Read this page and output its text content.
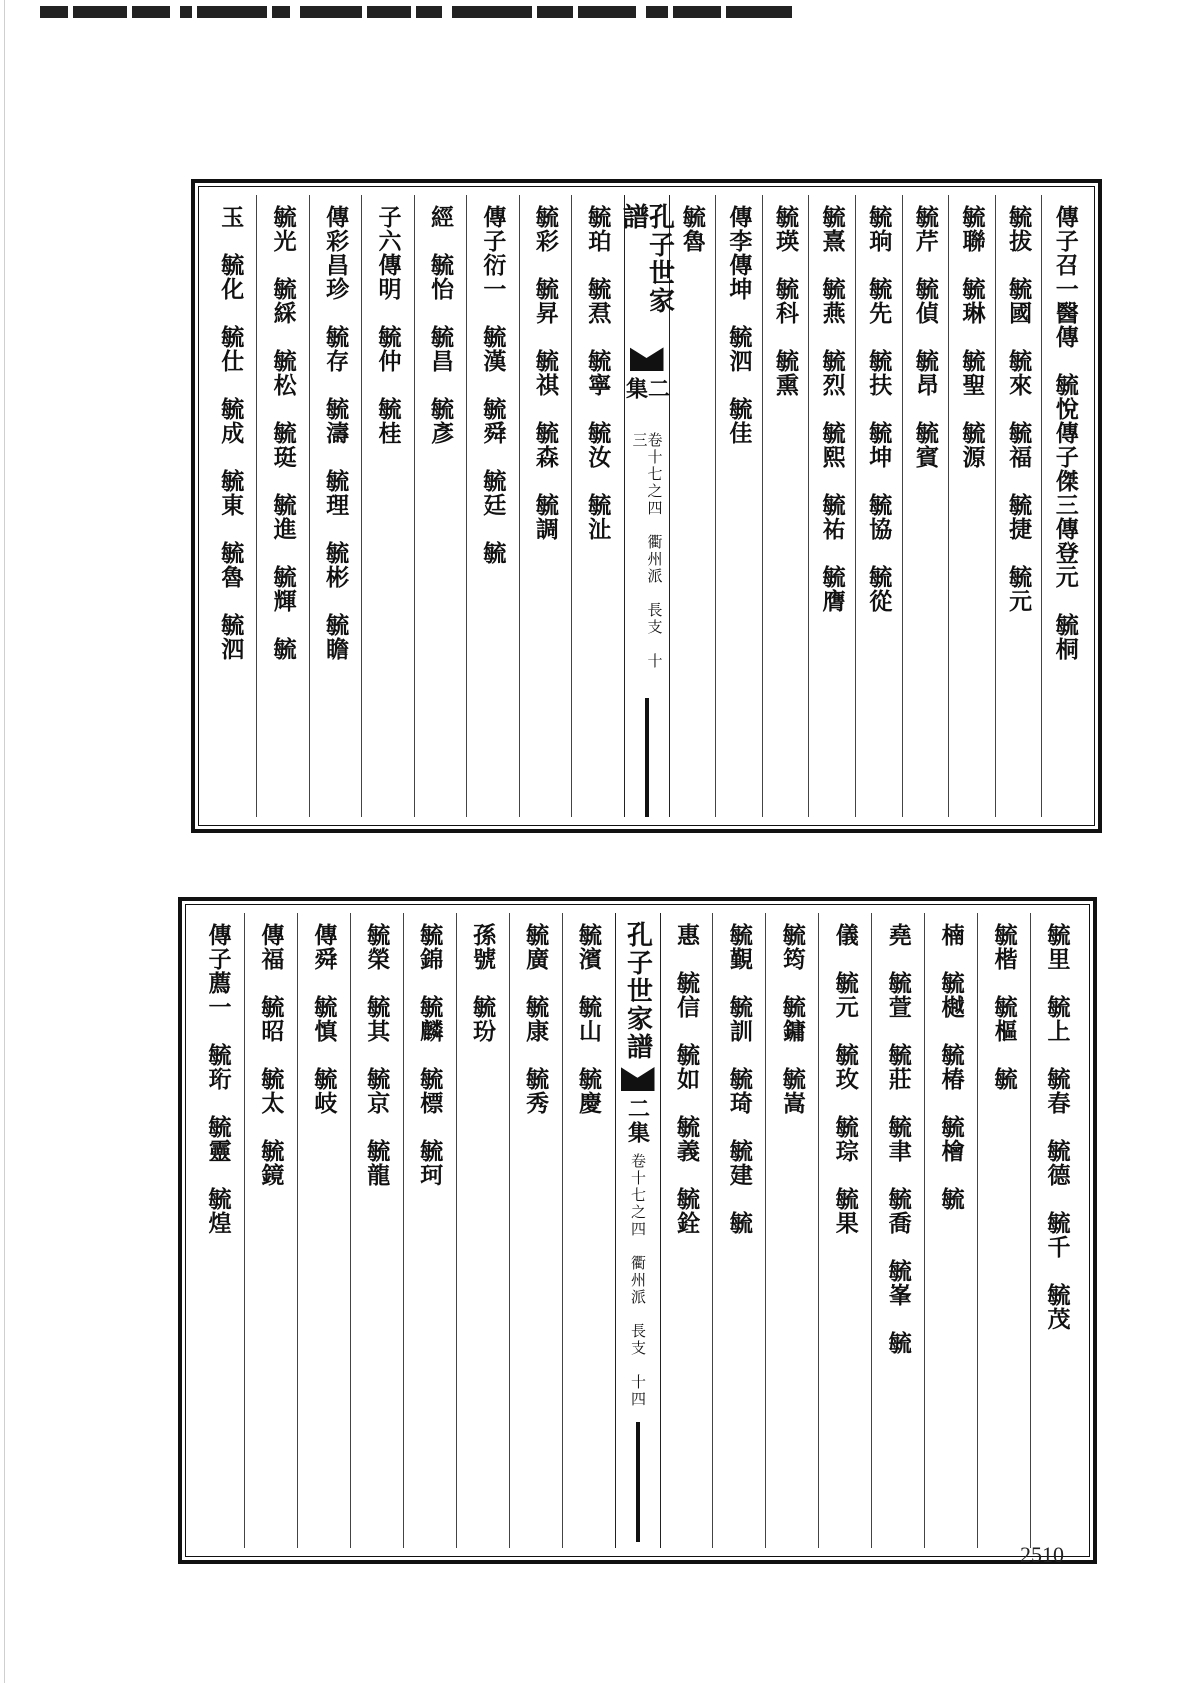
傳子召一醫傳　毓悅傳子傑三傳登元　毓桐
毓拔　毓國　毓來　毓福　毓捷　毓元
毓聯　毓琳　毓聖　毓源
毓芹　毓偵　毓昂　毓賓
毓珦　毓先　毓扶　毓坤　毓協　毓從
毓熹　毓燕　毓烈　毓熙　毓祐　毓膺
毓瑛　毓科　毓熏
傳李傳坤　毓泗　毓佳
毓魯
孔子世家譜
二集
卷十七之四　衢州派　長支　十三
毓珀　毓焄　毓寧　毓汝　毓沚
毓彩　毓昇　毓祺　毓森　毓調
傳子衍一　毓漢　毓舜　毓廷　毓
經　毓怡　毓昌　毓彥
子六傳明　毓仲　毓桂
傳彩昌珍　毓存　毓濤　毓理　毓彬　毓瞻
毓光　毓綵　毓松　毓珽　毓進　毓輝　毓
玉　毓化　毓仕　毓成　毓東　毓魯　毓泗
毓里　毓上　毓春　毓德　毓千　毓茂
毓楷　毓樞　毓
楠　毓樾　毓椿　毓檜　毓
堯　毓萱　毓莊　毓聿　毓喬　毓峯　毓
儀　毓元　毓玫　毓琮　毓果
毓筠　毓鏞　毓嵩
毓覲　毓訓　毓琦　毓建　毓
惠　毓信　毓如　毓義　毓銓
孔子世家譜
二集
卷十七之四　衢州派　長支　十四
毓濱　毓山　毓慶
毓廣　毓康　毓秀
孫號　毓玢
毓錦　毓麟　毓標　毓珂
毓榮　毓其　毓京　毓龍
傳舜　毓慎　毓岐
傳福　毓昭　毓太　毓鏡
傳子薦一　毓珩　毓靈　毓煌
2510
